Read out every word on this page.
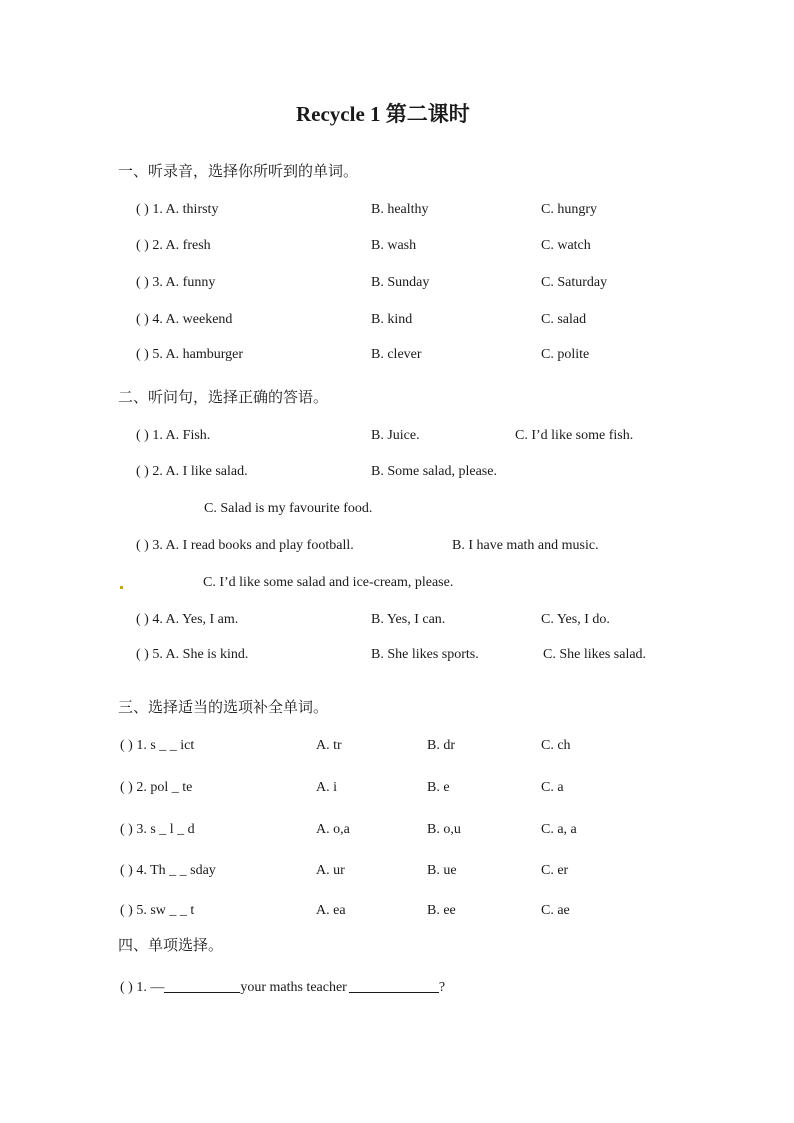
Recycle 1 第二课时
一、听录音，选择你所听到的单词。
( ) 1. A. thirsty	B. healthy	C. hungry
( ) 2. A. fresh	B. wash	C. watch
( ) 3. A. funny	B. Sunday	C. Saturday
( ) 4. A. weekend	B. kind	C. salad
( ) 5. A. hamburger	B. clever	C. polite
二、听问句，选择正确的答语。
( ) 1. A. Fish.	B. Juice.	C. I’d like some fish.
( ) 2. A. I like salad.	B. Some salad, please.
C. Salad is my favourite food.
( ) 3. A. I read books and play football.	B. I have math and music.
C. I’d like some salad and ice-cream, please.
( ) 4. A. Yes, I am.	B. Yes, I can.	C. Yes, I do.
( ) 5. A. She is kind.	B. She likes sports.	C. She likes salad.
三、选择适当的选项补全单词。
( ) 1. s _ _ ict	A. tr	B. dr	C. ch
( ) 2. pol _ te	A. i	B. e	C. a
( ) 3. s _ l _ d	A. o,a	B. o,u	C. a, a
( ) 4. Th _ _ sday	A. ur	B. ue	C. er
( ) 5. sw _ _ t	A. ea	B. ee	C. ae
四、单项选择。
( ) 1. —	your maths teacher	?
